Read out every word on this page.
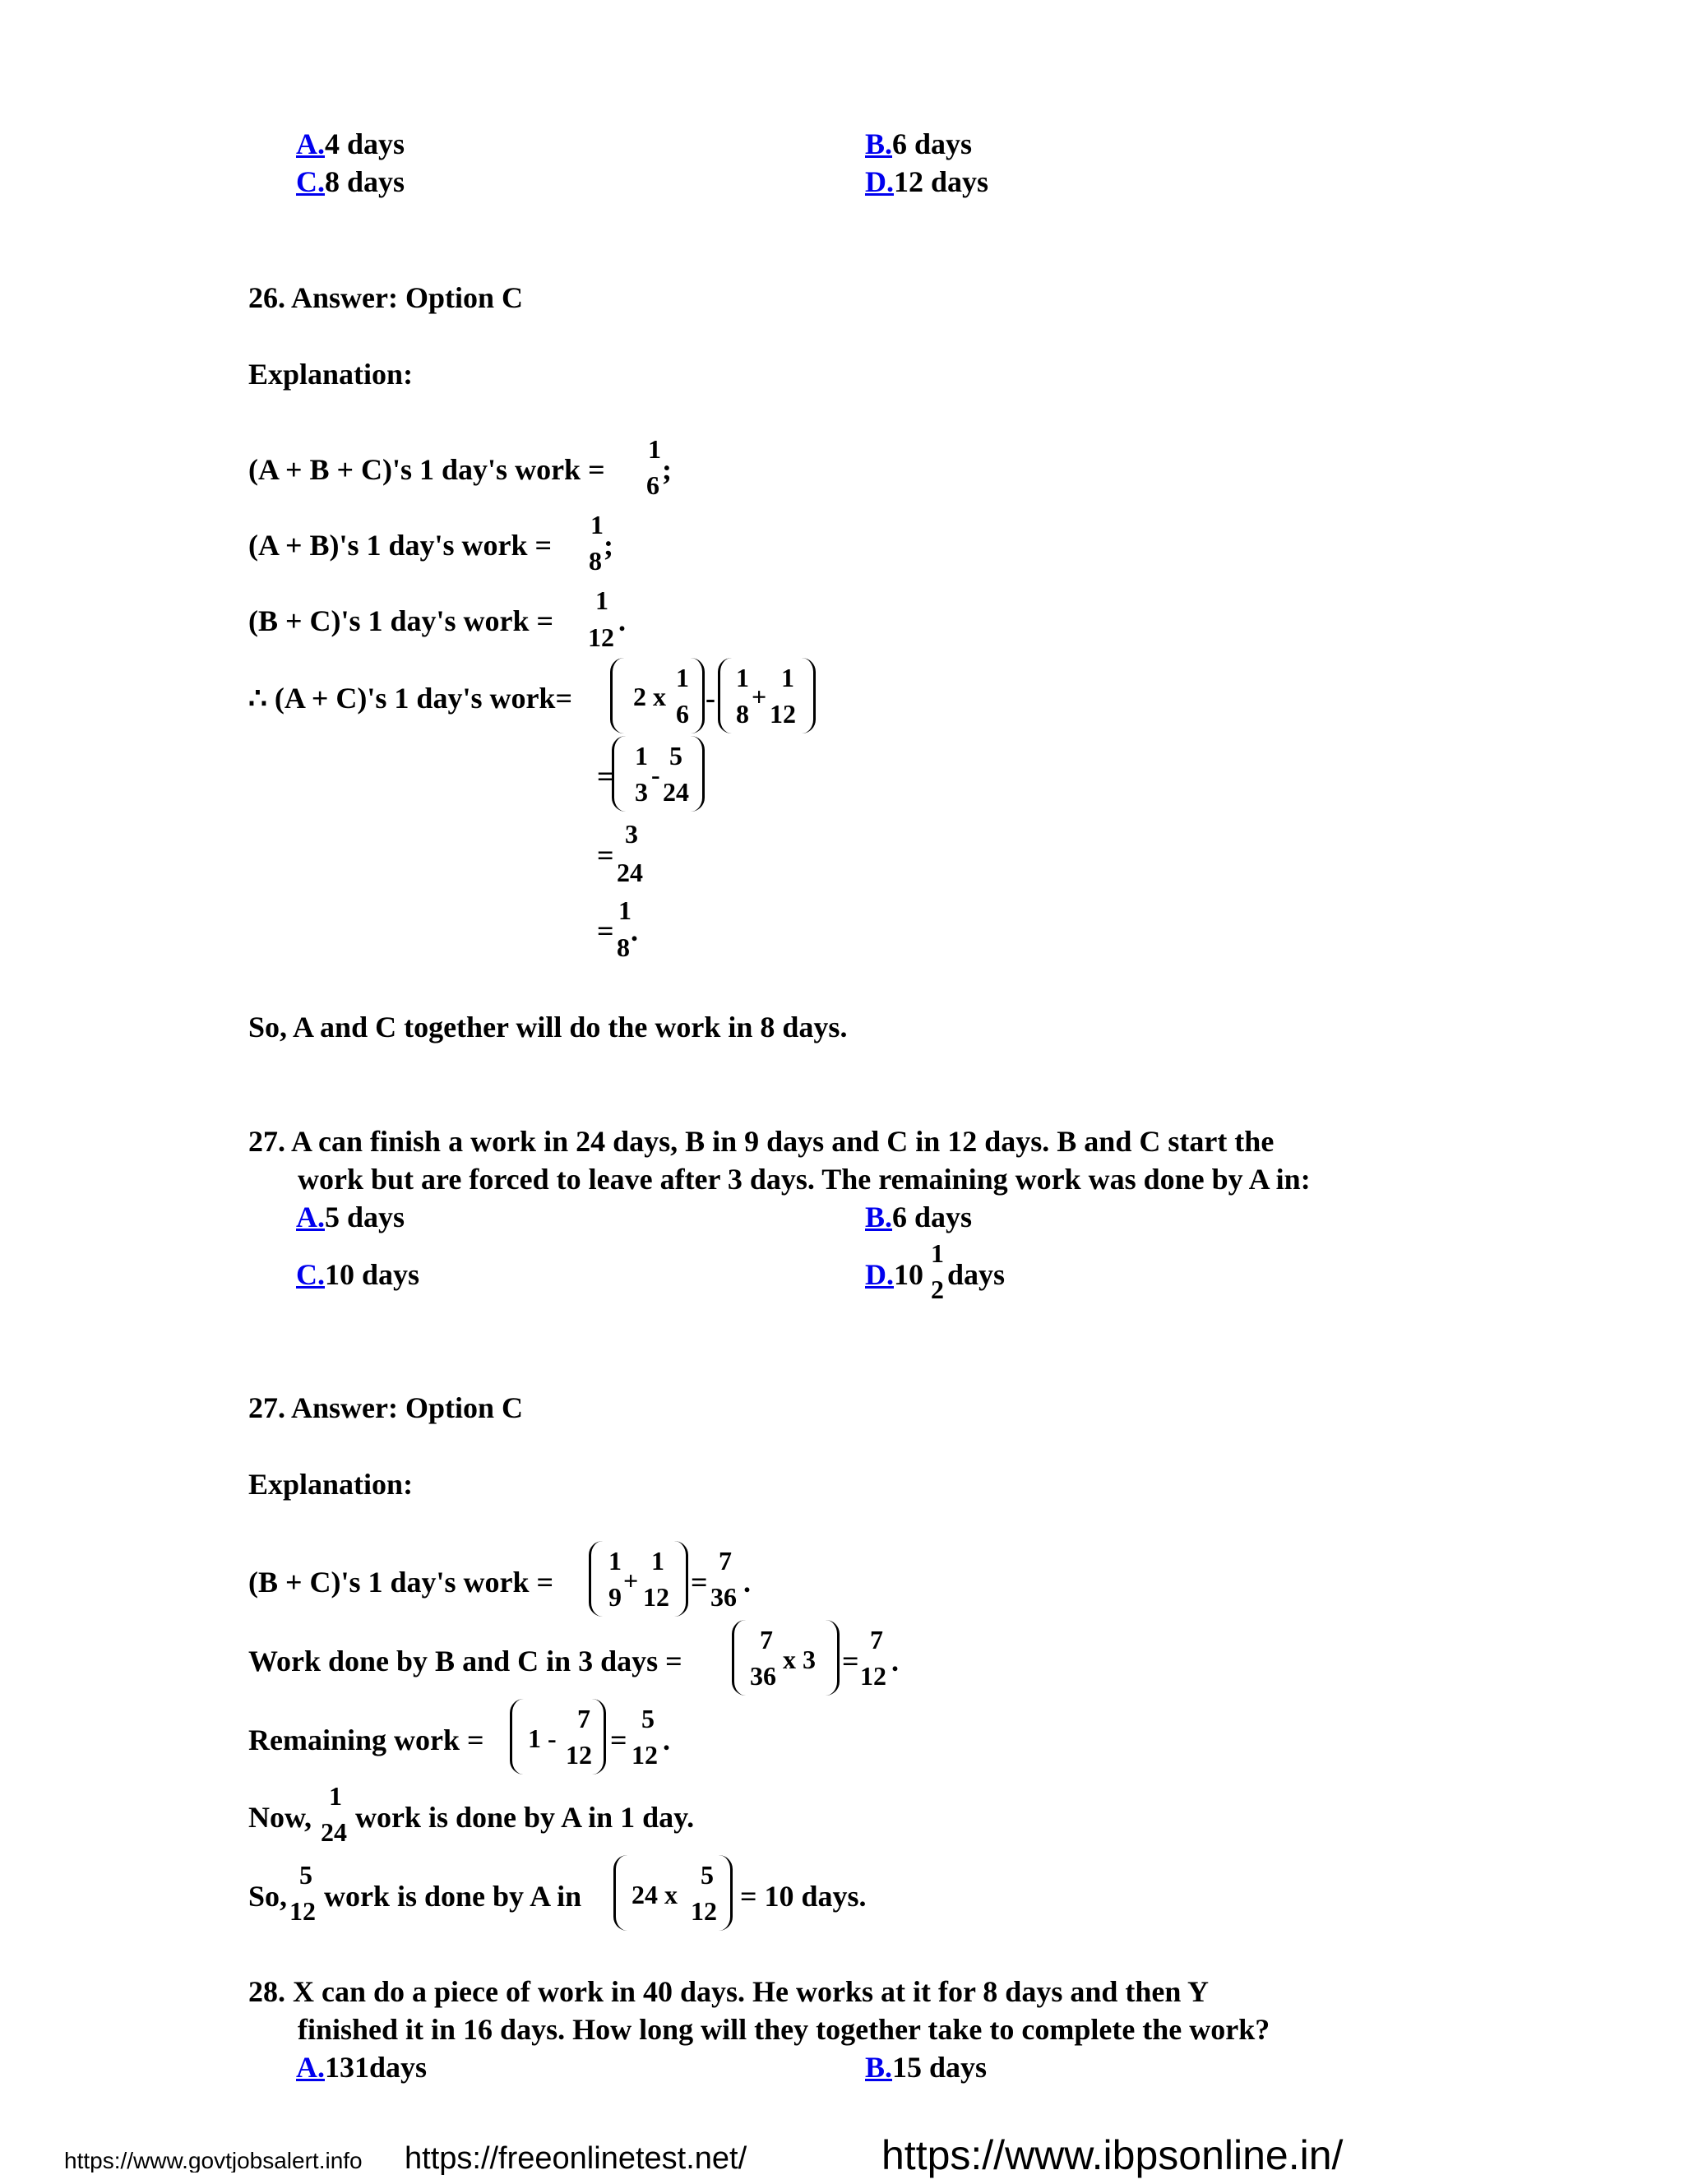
A.4 days	B.6 days
C.8 days	D.12 days
26. Answer: Option C
Explanation:
(A + B + C)'s 1 day's work =
1
6 ;
(A + B)'s 1 day's work =
1
8 ;
(B + C)'s 1 day's work =
1
12 .
∴ (A + C)'s 1 day's work= 2 x
1
6 -
1
8
+
1
12
=
1
3
-
5
24
=
3
24
=
1
8 .
So, A and C together will do the work in 8 days.
27. A can finish a work in 24 days, B in 9 days and C in 12 days. B and C start the
work but are forced to leave after 3 days. The remaining work was done by A in:
A.5 days	B.6 days
C.10 days	D.10
1
2 days
27. Answer: Option C
Explanation:
(B + C)'s 1 day's work =
1
9
+
1
12 =
7
36 .
Work done by B and C in 3 days =
7
36
x 3 =
7
12 .
Remaining work = 1 -
7
12 =
5
12 .
Now,
1
24 work is done by A in 1 day.
So,
5
12 work is done by A in 24 x
5
12 = 10 days.
28. X can do a piece of work in 40 days. He works at it for 8 days and then Y
finished it in 16 days. How long will they together take to complete the work?
A.131days	B.15 days
https://www.govtjobsalert.info	https://freeonlinetest.net/	https://www.ibpsonline.in/
